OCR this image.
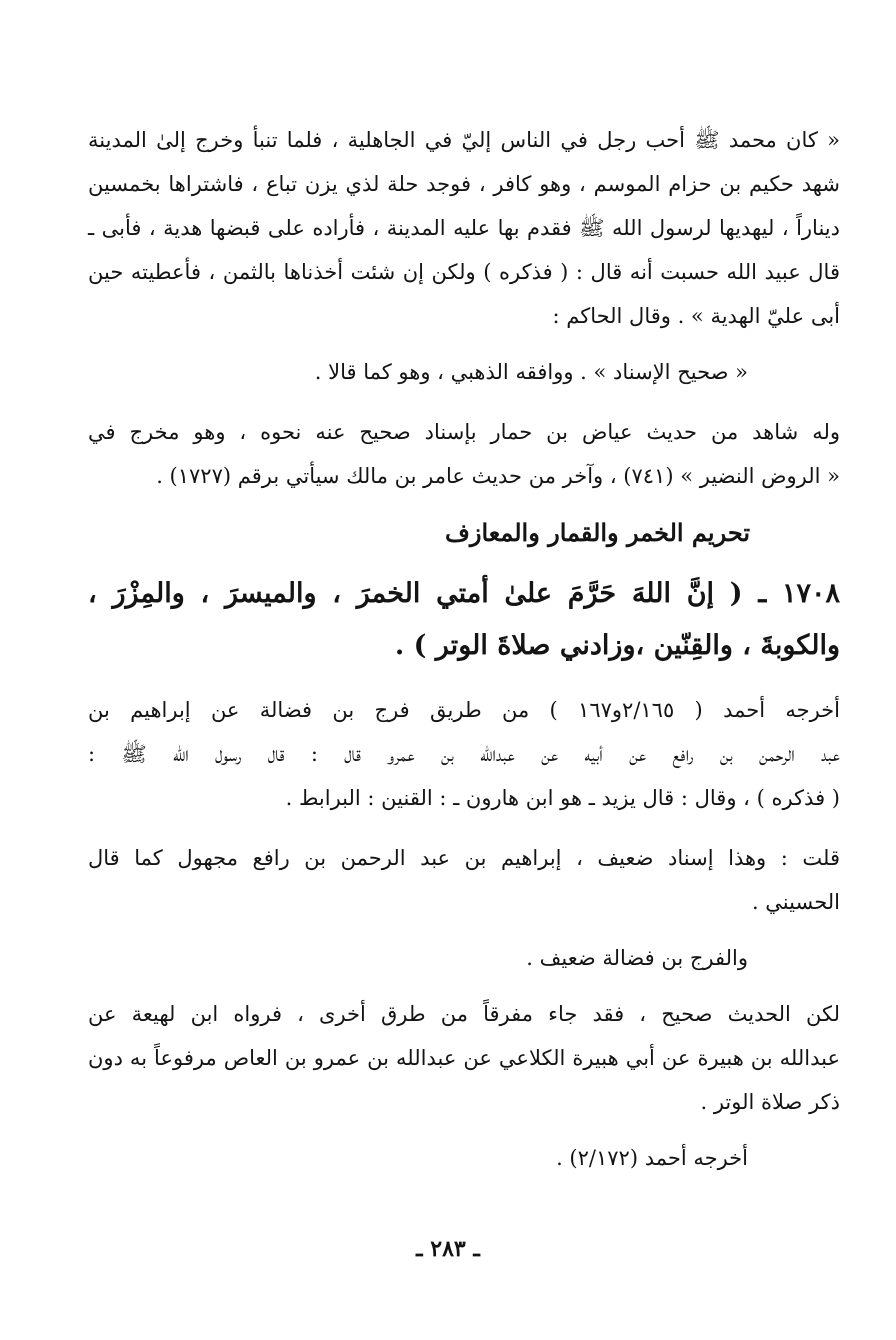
« كان محمد ﷺ أحب رجل في الناس إليّ في الجاهلية ، فلما تنبأ وخرج إلىٰ المدينة
شهد حكيم بن حزام الموسم ، وهو كافر ، فوجد حلة لذي يزن تباع ، فاشتراها بخمسين
ديناراً ، ليهديها لرسول الله ﷺ فقدم بها عليه المدينة ، فأراده على قبضها هدية ، فأبى ـ
قال عبيد الله حسبت أنه قال : ( فذكره ) ولكن إن شئت أخذناها بالثمن ، فأعطيته حين
أبى عليّ الهدية » . وقال الحاكم :

« صحيح الإسناد » . ووافقه الذهبي ، وهو كما قالا .

وله شاهد من حديث عياض بن حمار بإسناد صحيح عنه نحوه ، وهو مخرج في
« الروض النضير » (٧٤١) ، وآخر من حديث عامر بن مالك سيأتي برقم (١٧٢٧) .

تحريم الخمر والقمار والمعازف

١٧٠٨ ـ ( إنَّ اللهَ حَرَّمَ علىٰ أمتي الخمرَ ، والميسرَ ، والمِزْرَ ،
والكوبةَ ، والقِنّين ،وزادني صلاةَ الوتر ) .

أخرجه أحمد ( ٢/١٦٥و١٦٧ ) من طريق فرج بن فضالة عن إبراهيم بن
عبد الرحمن بن رافع عن أبيه عن عبدالله بن عمرو قال : قال رسول الله ﷺ :
( فذكره ) ، وقال : قال يزيد ـ هو ابن هارون ـ : القنين : البرابط .

قلت : وهذا إسناد ضعيف ، إبراهيم بن عبد الرحمن بن رافع مجهول كما قال
الحسيني .

والفرج بن فضالة ضعيف .

لكن الحديث صحيح ، فقد جاء مفرقاً من طرق أخرى ، فرواه ابن لهيعة عن
عبدالله بن هبيرة عن أبي هبيرة الكلاعي عن عبدالله بن عمرو بن العاص مرفوعاً به دون
ذكر صلاة الوتر .

أخرجه أحمد (٢/١٧٢) .

ـ ٢٨٣ ـ
